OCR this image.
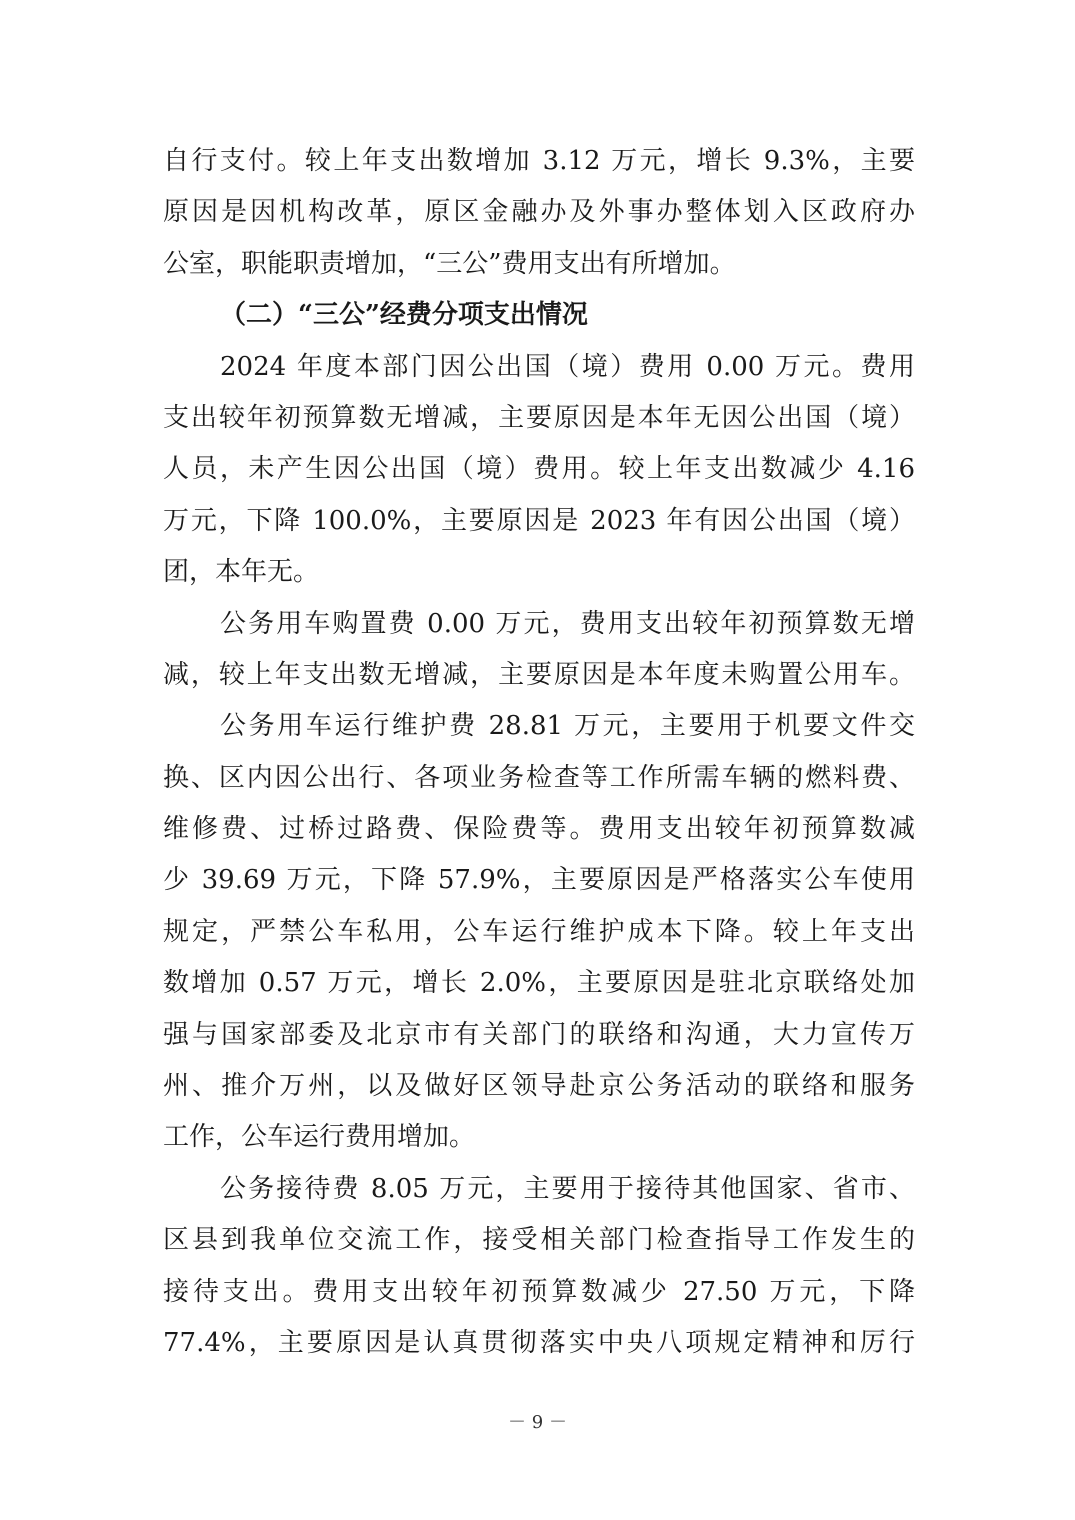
自行支付。较上年支出数增加 3.12 万元，增长 9.3%，主要
原因是因机构改革，原区金融办及外事办整体划入区政府办
公室，职能职责增加，“三公”费用支出有所增加。
（二）“三公”经费分项支出情况
2024 年度本部门因公出国（境）费用 0.00 万元。费用
支出较年初预算数无增减，主要原因是本年无因公出国（境）
人员，未产生因公出国（境）费用。较上年支出数减少 4.16
万元，下降 100.0%，主要原因是 2023 年有因公出国（境）
团，本年无。
公务用车购置费 0.00 万元，费用支出较年初预算数无增
减，较上年支出数无增减，主要原因是本年度未购置公用车。
公务用车运行维护费 28.81 万元，主要用于机要文件交
换、区内因公出行、各项业务检查等工作所需车辆的燃料费、
维修费、过桥过路费、保险费等。费用支出较年初预算数减
少 39.69 万元，下降 57.9%，主要原因是严格落实公车使用
规定，严禁公车私用，公车运行维护成本下降。较上年支出
数增加 0.57 万元，增长 2.0%，主要原因是驻北京联络处加
强与国家部委及北京市有关部门的联络和沟通，大力宣传万
州、推介万州，以及做好区领导赴京公务活动的联络和服务
工作，公车运行费用增加。
公务接待费 8.05 万元，主要用于接待其他国家、省市、
区县到我单位交流工作，接受相关部门检查指导工作发生的
接待支出。费用支出较年初预算数减少 27.50 万元，下降
77.4%，主要原因是认真贯彻落实中央八项规定精神和厉行
－ 9 －
